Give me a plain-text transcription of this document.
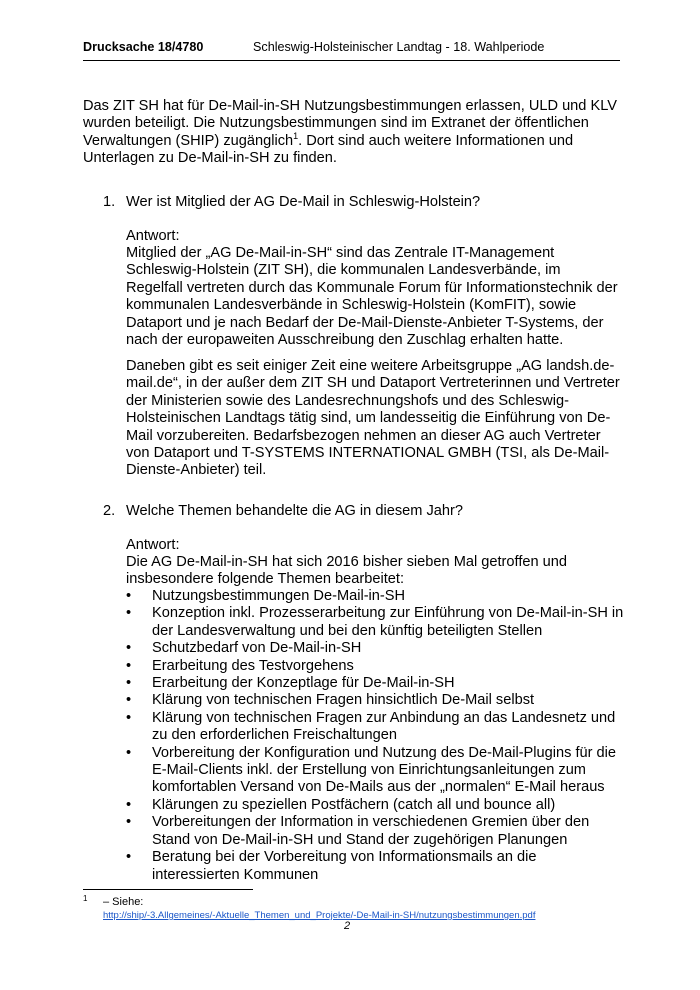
Drucksache 18/4780	Schleswig-Holsteinischer Landtag - 18. Wahlperiode

Das ZIT SH hat für De-Mail-in-SH Nutzungsbestimmungen erlassen, ULD und KLV wurden beteiligt. Die Nutzungsbestimmungen sind im Extranet der öffentlichen Verwaltungen (SHIP) zugänglich$^1$. Dort sind auch weitere Informationen und Unterlagen zu De-Mail-in-SH zu finden.

1. Wer ist Mitglied der AG De-Mail in Schleswig-Holstein?

Antwort:

Mitglied der „AG De-Mail-in-SH“ sind das Zentrale IT-Management Schleswig-Holstein (ZIT SH), die kommunalen Landesverbände, im Regelfall vertreten durch das Kommunale Forum für Informationstechnik der kommunalen Landesverbände in Schleswig-Holstein (KomFIT), sowie Dataport und je nach Bedarf der De-Mail-Dienste-Anbieter T-Systems, der nach der europaweiten Ausschreibung den Zuschlag erhalten hatte.

Daneben gibt es seit einiger Zeit eine weitere Arbeitsgruppe „AG landsh.de-mail.de“, in der außer dem ZIT SH und Dataport Vertreterinnen und Vertreter der Ministerien sowie des Landesrechnungshofs und des Schleswig-Holsteinischen Landtags tätig sind, um landesseitig die Einführung von De-Mail vorzubereiten. Bedarfsbezogen nehmen an dieser AG auch Vertreter von Dataport und T-SYSTEMS INTERNATIONAL GMBH (TSI, als De-Mail-Dienste-Anbieter) teil.

2. Welche Themen behandelte die AG in diesem Jahr?

Antwort:

Die AG De-Mail-in-SH hat sich 2016 bisher sieben Mal getroffen und insbesondere folgende Themen bearbeitet:

• Nutzungsbestimmungen De-Mail-in-SH
• Konzeption inkl. Prozesserarbeitung zur Einführung von De-Mail-in-SH in der Landesverwaltung und bei den künftig beteiligten Stellen
• Schutzbedarf von De-Mail-in-SH
• Erarbeitung des Testvorgehens
• Erarbeitung der Konzeptlage für De-Mail-in-SH
• Klärung von technischen Fragen hinsichtlich De-Mail selbst
• Klärung von technischen Fragen zur Anbindung an das Landesnetz und zu den erforderlichen Freischaltungen
• Vorbereitung der Konfiguration und Nutzung des De-Mail-Plugins für die E-Mail-Clients inkl. der Erstellung von Einrichtungsanleitungen zum komfortablen Versand von De-Mails aus der „normalen“ E-Mail heraus
• Klärungen zu speziellen Postfächern (catch all und bounce all)
• Vorbereitungen der Information in verschiedenen Gremien über den Stand von De-Mail-in-SH und Stand der zugehörigen Planungen
• Beratung bei der Vorbereitung von Informationsmails an die interessierten Kommunen
1 – Siehe:
http://ship/-3.Allgemeines/-Aktuelle_Themen_und_Projekte/-De-Mail-in-SH/nutzungsbestimmungen.pdf
2
